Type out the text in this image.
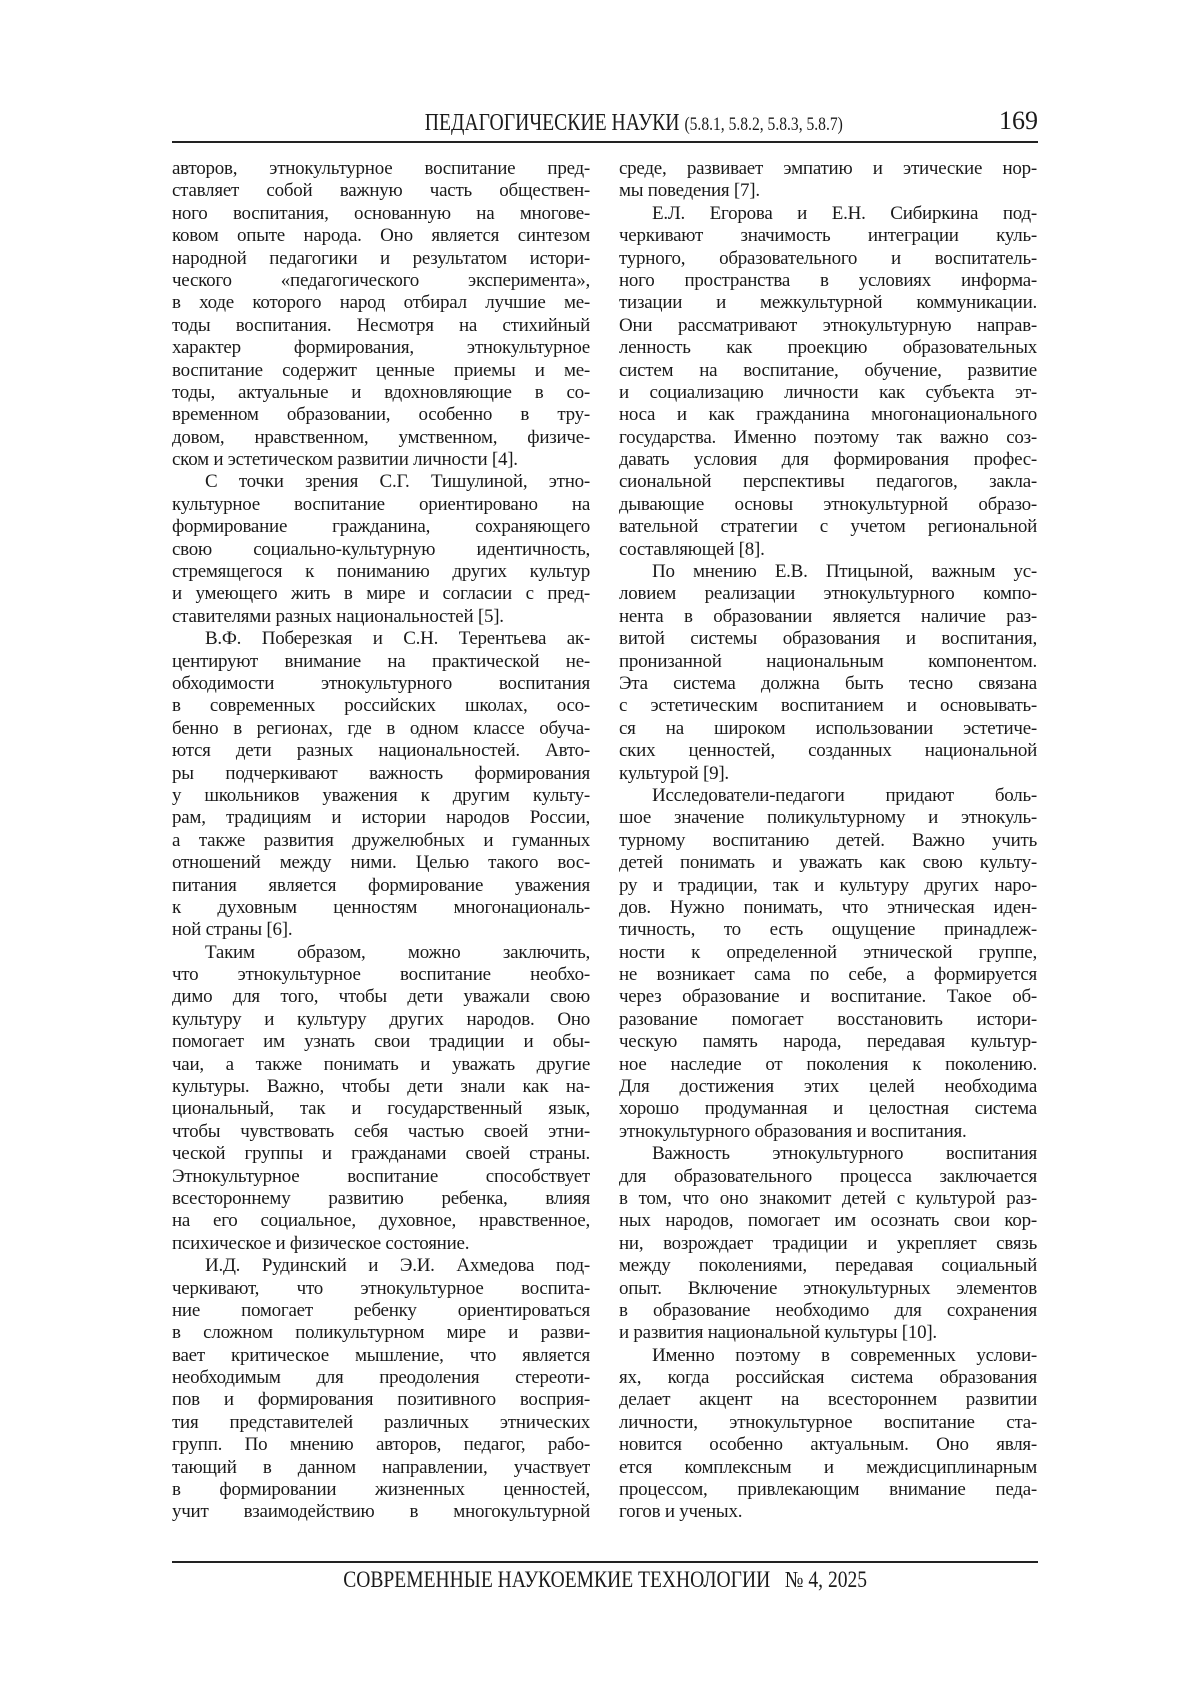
ПЕДАГОГИЧЕСКИЕ НАУКИ (5.8.1, 5.8.2, 5.8.3, 5.8.7)	169
авторов, этнокультурное воспитание пред-
ставляет собой важную часть обществен-
ного воспитания, основанную на многове-
ковом опыте народа. Оно является синтезом
народной педагогики и результатом истори-
ческого «педагогического эксперимента»,
в ходе которого народ отбирал лучшие ме-
тоды воспитания. Несмотря на стихийный
характер формирования, этнокультурное
воспитание содержит ценные приемы и ме-
тоды, актуальные и вдохновляющие в со-
временном образовании, особенно в тру-
довом, нравственном, умственном, физиче-
ском и эстетическом развитии личности [4].
С точки зрения С.Г. Тишулиной, этно-
культурное воспитание ориентировано на
формирование гражданина, сохраняющего
свою социально-культурную идентичность,
стремящегося к пониманию других культур
и умеющего жить в мире и согласии с пред-
ставителями разных национальностей [5].
В.Ф. Поберезкая и С.Н. Терентьева ак-
центируют внимание на практической не-
обходимости этнокультурного воспитания
в современных российских школах, осо-
бенно в регионах, где в одном классе обуча-
ются дети разных национальностей. Авто-
ры подчеркивают важность формирования
у школьников уважения к другим культу-
рам, традициям и истории народов России,
а также развития дружелюбных и гуманных
отношений между ними. Целью такого вос-
питания является формирование уважения
к духовным ценностям многонациональ-
ной страны [6].
Таким образом, можно заключить,
что этнокультурное воспитание необхо-
димо для того, чтобы дети уважали свою
культуру и культуру других народов. Оно
помогает им узнать свои традиции и обы-
чаи, а также понимать и уважать другие
культуры. Важно, чтобы дети знали как на-
циональный, так и государственный язык,
чтобы чувствовать себя частью своей этни-
ческой группы и гражданами своей страны.
Этнокультурное воспитание способствует
всестороннему развитию ребенка, влияя
на его социальное, духовное, нравственное,
психическое и физическое состояние.
И.Д. Рудинский и Э.И. Ахмедова под-
черкивают, что этнокультурное воспита-
ние помогает ребенку ориентироваться
в сложном поликультурном мире и разви-
вает критическое мышление, что является
необходимым для преодоления стереоти-
пов и формирования позитивного восприя-
тия представителей различных этнических
групп. По мнению авторов, педагог, рабо-
тающий в данном направлении, участвует
в формировании жизненных ценностей,
учит взаимодействию в многокультурной
среде, развивает эмпатию и этические нор-
мы поведения [7].
Е.Л. Егорова и Е.Н. Сибиркина под-
черкивают значимость интеграции куль-
турного, образовательного и воспитатель-
ного пространства в условиях информа-
тизации и межкультурной коммуникации.
Они рассматривают этнокультурную направ-
ленность как проекцию образовательных
систем на воспитание, обучение, развитие
и социализацию личности как субъекта эт-
носа и как гражданина многонационального
государства. Именно поэтому так важно соз-
давать условия для формирования профес-
сиональной перспективы педагогов, закла-
дывающие основы этнокультурной образо-
вательной стратегии с учетом региональной
составляющей [8].
По мнению Е.В. Птицыной, важным ус-
ловием реализации этнокультурного компо-
нента в образовании является наличие раз-
витой системы образования и воспитания,
пронизанной национальным компонентом.
Эта система должна быть тесно связана
с эстетическим воспитанием и основывать-
ся на широком использовании эстетиче-
ских ценностей, созданных национальной
культурой [9].
Исследователи-педагоги придают боль-
шое значение поликультурному и этнокуль-
турному воспитанию детей. Важно учить
детей понимать и уважать как свою культу-
ру и традиции, так и культуру других наро-
дов. Нужно понимать, что этническая иден-
тичность, то есть ощущение принадлеж-
ности к определенной этнической группе,
не возникает сама по себе, а формируется
через образование и воспитание. Такое об-
разование помогает восстановить истори-
ческую память народа, передавая культур-
ное наследие от поколения к поколению.
Для достижения этих целей необходима
хорошо продуманная и целостная система
этнокультурного образования и воспитания.
Важность этнокультурного воспитания
для образовательного процесса заключается
в том, что оно знакомит детей с культурой раз-
ных народов, помогает им осознать свои кор-
ни, возрождает традиции и укрепляет связь
между поколениями, передавая социальный
опыт. Включение этнокультурных элементов
в образование необходимо для сохранения
и развития национальной культуры [10].
Именно поэтому в современных услови-
ях, когда российская система образования
делает акцент на всестороннем развитии
личности, этнокультурное воспитание ста-
новится особенно актуальным. Оно явля-
ется комплексным и междисциплинарным
процессом, привлекающим внимание педа-
гогов и ученых.
СОВРЕМЕННЫЕ НАУКОЕМКИЕ ТЕХНОЛОГИИ   № 4, 2025
